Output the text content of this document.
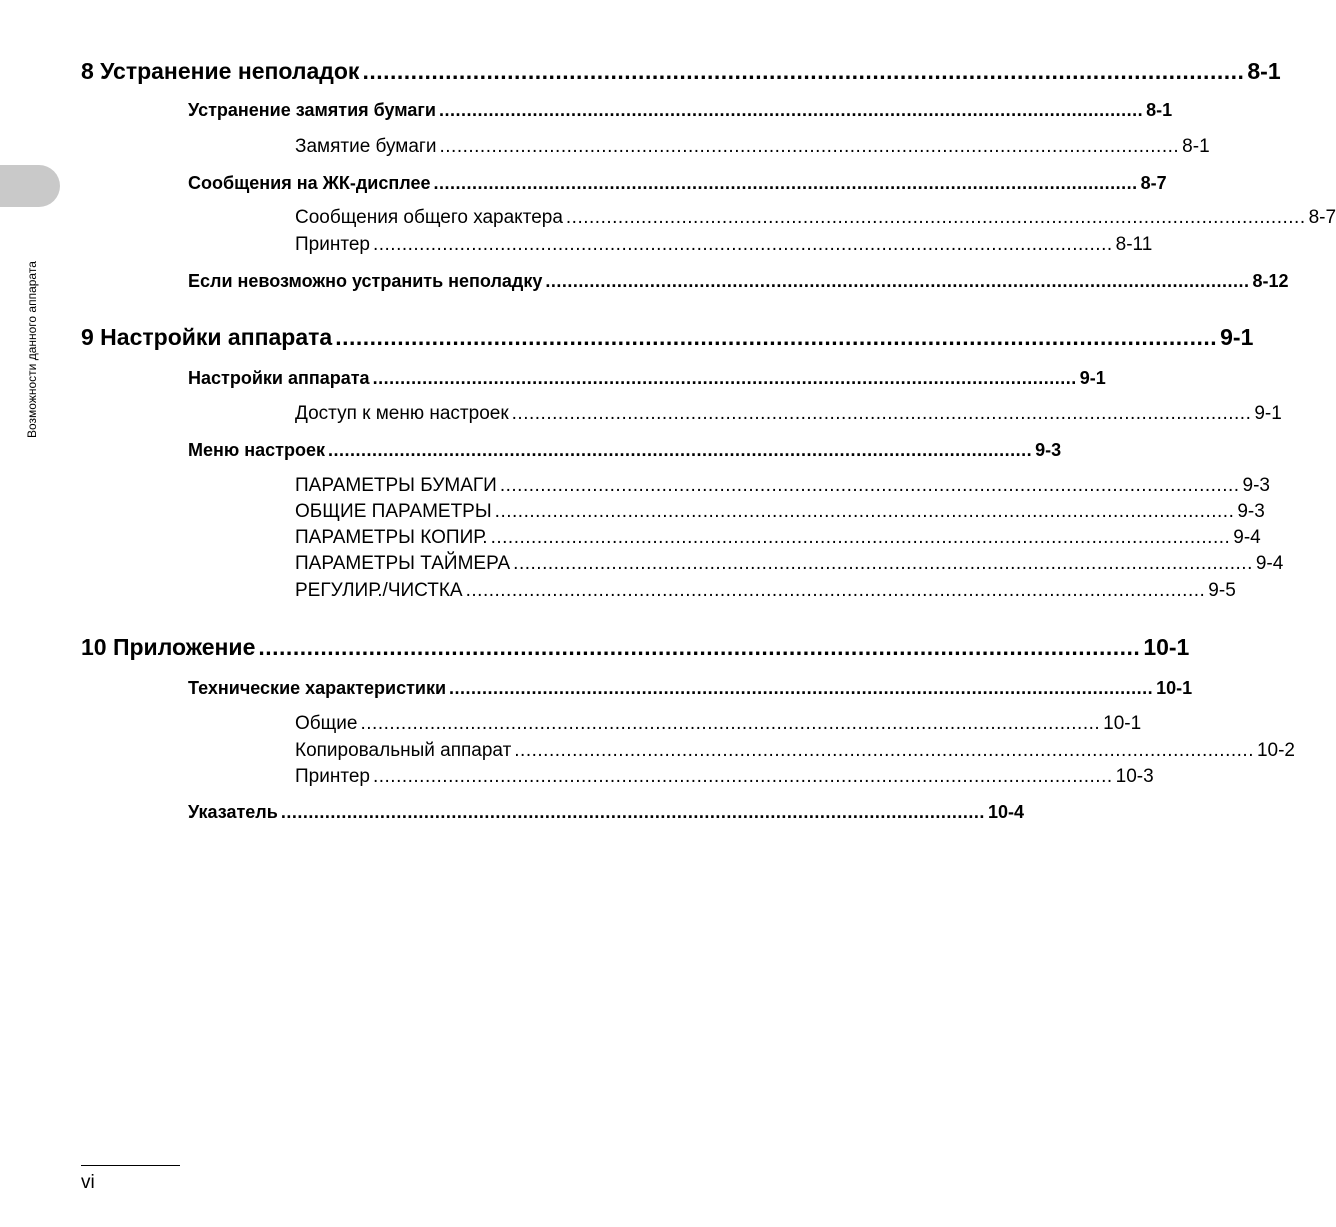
Возможности данного аппарата
8 Устранение неполадок ................................................................................................................................ 8-1
Устранение замятия бумаги ................................................................................................................................ 8-1
Замятие бумаги ................................................................................................................................ 8-1
Сообщения на ЖК-дисплее ................................................................................................................................ 8-7
Сообщения общего характера ................................................................................................................................ 8-7
Принтер ................................................................................................................................ 8-11
Если невозможно устранить неполадку ................................................................................................................................ 8-12
9 Настройки аппарата ................................................................................................................................ 9-1
Настройки аппарата ................................................................................................................................ 9-1
Доступ к меню настроек ................................................................................................................................ 9-1
Меню настроек ................................................................................................................................ 9-3
ПАРАМЕТРЫ БУМАГИ ................................................................................................................................ 9-3
ОБЩИЕ ПАРАМЕТРЫ ................................................................................................................................ 9-3
ПАРАМЕТРЫ КОПИР. ................................................................................................................................ 9-4
ПАРАМЕТРЫ ТАЙМЕРА ................................................................................................................................ 9-4
РЕГУЛИР./ЧИСТКА ................................................................................................................................ 9-5
10 Приложение ................................................................................................................................ 10-1
Технические характеристики ................................................................................................................................ 10-1
Общие ................................................................................................................................ 10-1
Копировальный аппарат ................................................................................................................................ 10-2
Принтер ................................................................................................................................ 10-3
Указатель ................................................................................................................................ 10-4
vi
